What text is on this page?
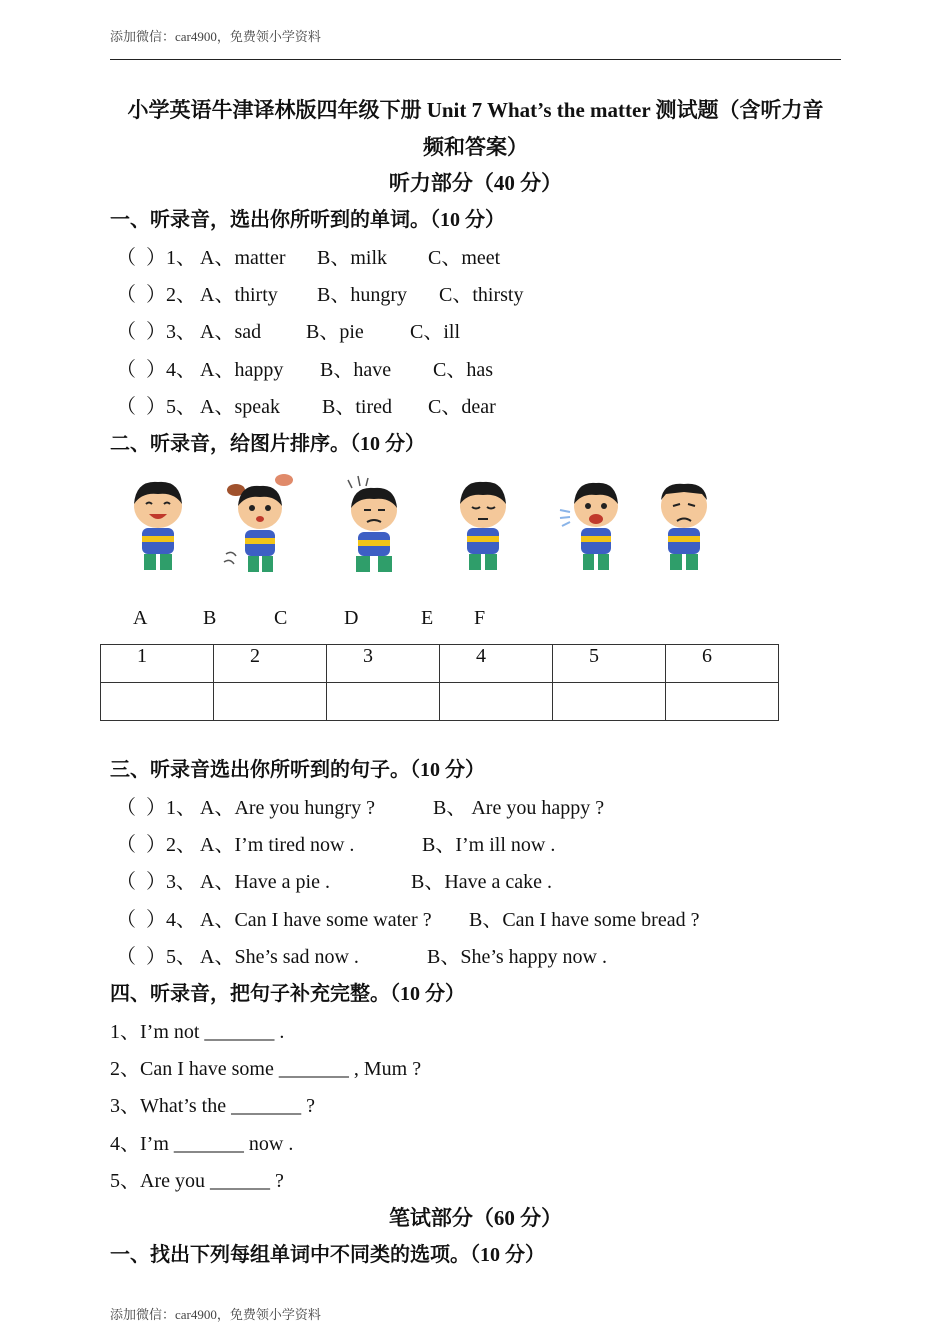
添加微信：car4900，免费领小学资料
小学英语牛津译林版四年级下册 Unit 7 What’s the matter 测试题（含听力音
频和答案）
听力部分（40 分）
一、听录音，选出你所听到的单词。（10 分）
（  ）1、 A、matter B、milk C、meet
（  ）2、 A、thirty B、hungry C、thirsty
（  ）3、 A、sad B、pie C、ill
（  ）4、 A、happy B、have C、has
（  ）5、 A、speak B、tired C、dear
二、听录音，给图片排序。（10 分）
A	B	C	D	E F
1	2	3	4	5	6

三、听录音选出你所听到的句子。（10 分）
（  ）1、 A、Are you hungry ?	B、 Are you happy ?
（  ）2、 A、I’m tired now .	B、I’m ill now .
（  ）3、 A、Have a pie .	B、Have a cake .
（  ）4、 A、Can I have some water ? B、Can I have some bread ?
（  ）5、 A、She’s sad now .	B、She’s happy now .
四、听录音，把句子补充完整。（10 分）
1、I’m not _______ .
2、Can I have some _______ , Mum ?
3、What’s the _______ ?
4、I’m _______ now .
5、Are you ______ ?
笔试部分（60 分）
一、找出下列每组单词中不同类的选项。（10 分）
添加微信：car4900，免费领小学资料
